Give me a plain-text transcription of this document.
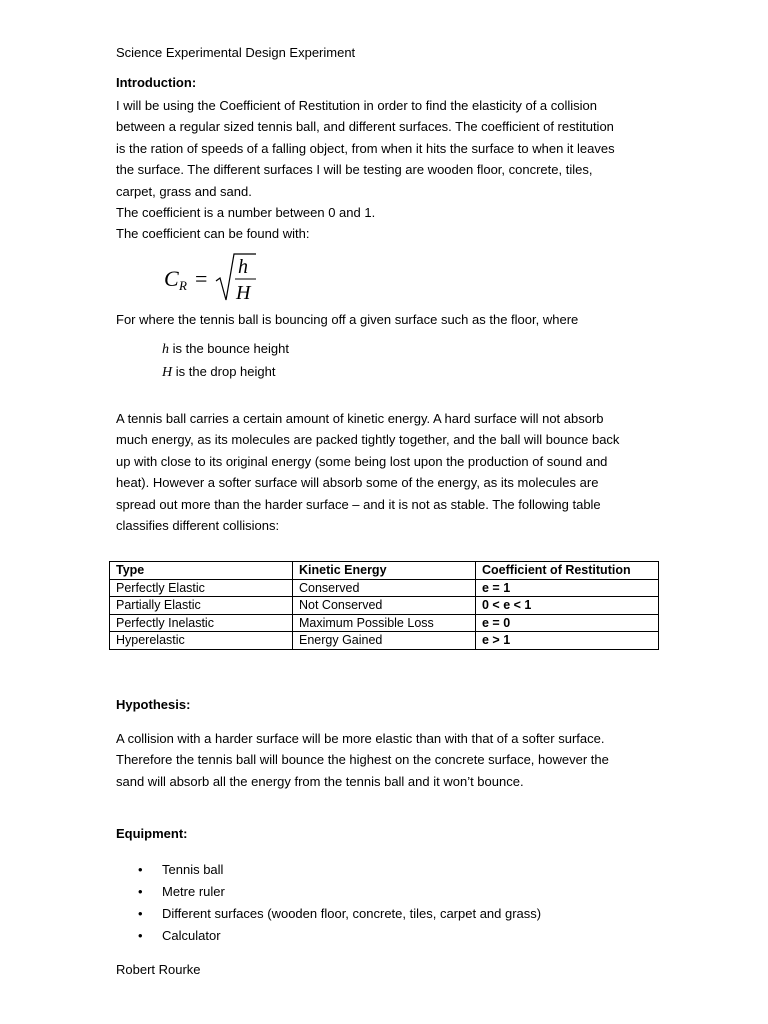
Science Experimental Design Experiment
Introduction:

I will be using the Coefficient of Restitution in order to find the elasticity of a collision
between a regular sized tennis ball, and different surfaces. The coefficient of restitution
is the ration of speeds of a falling object, from when it hits the surface to when it leaves
the surface. The different surfaces I will be testing are wooden floor, concrete, tiles,
carpet, grass and sand.
The coefficient is a number between 0 and 1.
The coefficient can be found with:

C R = h
H
For where the tennis ball is bouncing off a given surface such as the floor, where
h is the bounce height
H is the drop height

A tennis ball carries a certain amount of kinetic energy. A hard surface will not absorb
much energy, as its molecules are packed tightly together, and the ball will bounce back
up with close to its original energy (some being lost upon the production of sound and
heat). However a softer surface will absorb some of the energy, as its molecules are
spread out more than the harder surface – and it is not as stable. The following table
classifies different collisions:

Type	Kinetic Energy	Coefficient of Restitution
Perfectly Elastic	Conserved	e = 1
Partially Elastic	Not Conserved	0 < e < 1
Perfectly Inelastic	Maximum Possible Loss	e = 0
Hyperelastic	Energy Gained	e > 1
Hypothesis:

A collision with a harder surface will be more elastic than with that of a softer surface.
Therefore the tennis ball will bounce the highest on the concrete surface, however the
sand will absorb all the energy from the tennis ball and it won’t bounce.

Equipment:
• Tennis ball
• Metre ruler
• Different surfaces (wooden floor, concrete, tiles, carpet and grass)
• Calculator
Robert Rourke
